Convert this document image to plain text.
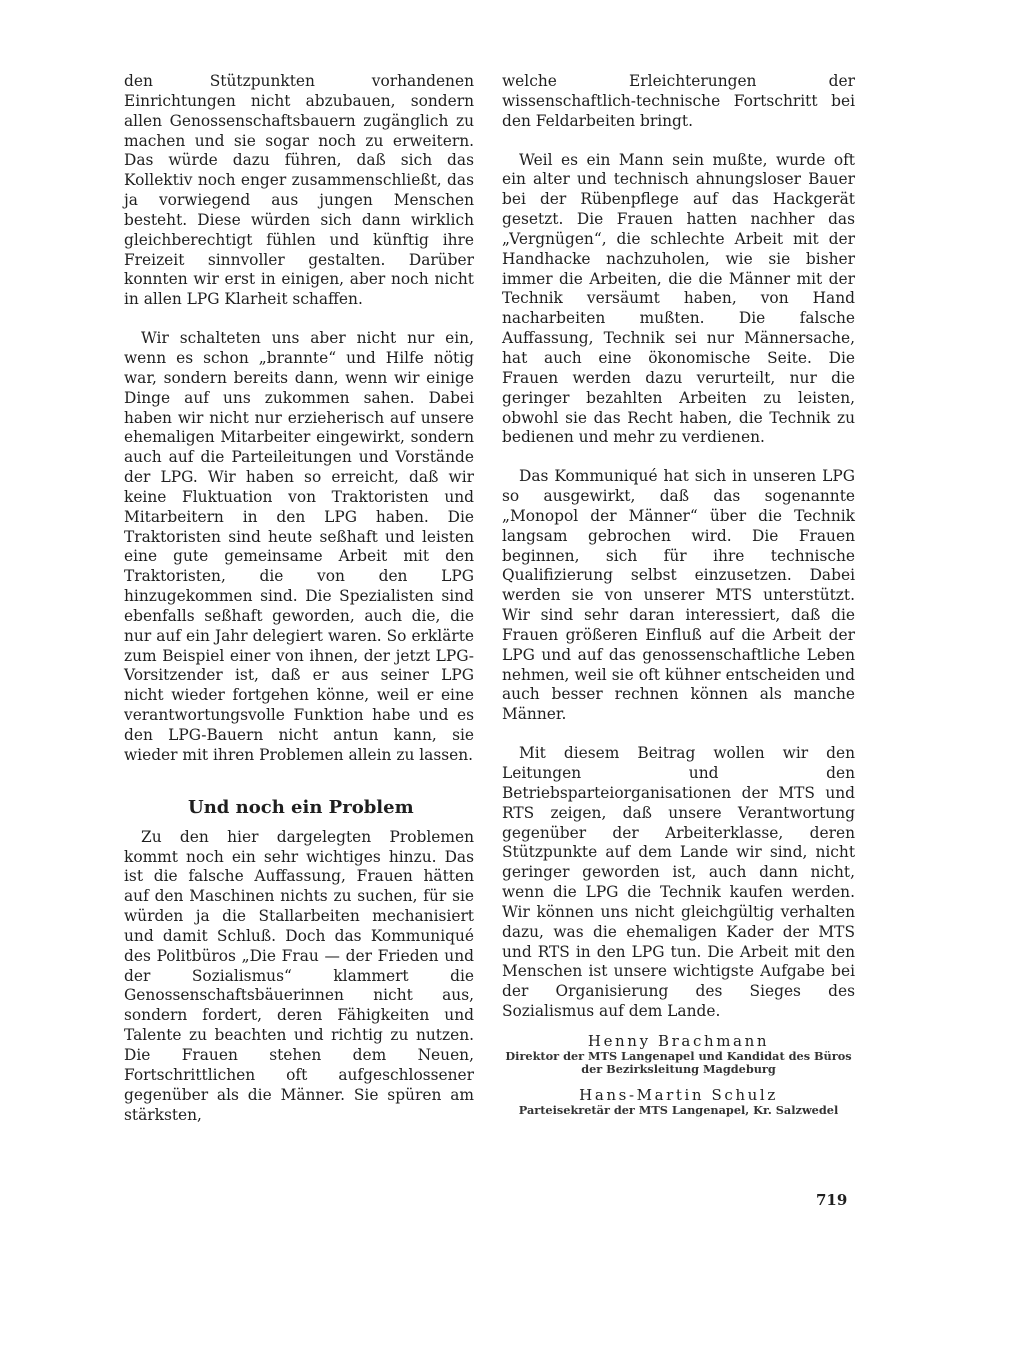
den Stützpunkten vorhandenen Einrichtungen nicht abzubauen, sondern allen Genossenschaftsbauern zugänglich zu machen und sie sogar noch zu erweitern. Das würde dazu führen, daß sich das Kollektiv noch enger zusammenschließt, das ja vorwiegend aus jungen Menschen besteht. Diese würden sich dann wirklich gleichberechtigt fühlen und künftig ihre Freizeit sinnvoller gestalten. Darüber konnten wir erst in einigen, aber noch nicht in allen LPG Klarheit schaffen.

Wir schalteten uns aber nicht nur ein, wenn es schon „brannte“ und Hilfe nötig war, sondern bereits dann, wenn wir einige Dinge auf uns zukommen sahen. Dabei haben wir nicht nur erzieherisch auf unsere ehemaligen Mitarbeiter eingewirkt, sondern auch auf die Parteileitungen und Vorstände der LPG. Wir haben so erreicht, daß wir keine Fluktuation von Traktoristen und Mitarbeitern in den LPG haben. Die Traktoristen sind heute seßhaft und leisten eine gute gemeinsame Arbeit mit den Traktoristen, die von den LPG hinzugekommen sind. Die Spezialisten sind ebenfalls seßhaft geworden, auch die, die nur auf ein Jahr delegiert waren. So erklärte zum Beispiel einer von ihnen, der jetzt LPG-Vorsitzender ist, daß er aus seiner LPG nicht wieder fortgehen könne, weil er eine verantwortungsvolle Funktion habe und es den LPG-Bauern nicht antun kann, sie wieder mit ihren Problemen allein zu lassen.

Und noch ein Problem

Zu den hier dargelegten Problemen kommt noch ein sehr wichtiges hinzu. Das ist die falsche Auffassung, Frauen hätten auf den Maschinen nichts zu suchen, für sie würden ja die Stallarbeiten mechanisiert und damit Schluß. Doch das Kommuniqué des Politbüros „Die Frau — der Frieden und der Sozialismus“ klammert die Genossenschaftsbäuerinnen nicht aus, sondern fordert, deren Fähigkeiten und Talente zu beachten und richtig zu nutzen. Die Frauen stehen dem Neuen, Fortschrittlichen oft aufgeschlossener gegenüber als die Männer. Sie spüren am stärksten,

welche Erleichterungen der wissenschaftlich-technische Fortschritt bei den Feldarbeiten bringt.

Weil es ein Mann sein mußte, wurde oft ein alter und technisch ahnungsloser Bauer bei der Rübenpflege auf das Hackgerät gesetzt. Die Frauen hatten nachher das „Vergnügen“, die schlechte Arbeit mit der Handhacke nachzuholen, wie sie bisher immer die Arbeiten, die die Männer mit der Technik versäumt haben, von Hand nacharbeiten mußten. Die falsche Auffassung, Technik sei nur Männersache, hat auch eine ökonomische Seite. Die Frauen werden dazu verurteilt, nur die geringer bezahlten Arbeiten zu leisten, obwohl sie das Recht haben, die Technik zu bedienen und mehr zu verdienen.

Das Kommuniqué hat sich in unseren LPG so ausgewirkt, daß das sogenannte „Monopol der Männer“ über die Technik langsam gebrochen wird. Die Frauen beginnen, sich für ihre technische Qualifizierung selbst einzusetzen. Dabei werden sie von unserer MTS unterstützt. Wir sind sehr daran interessiert, daß die Frauen größeren Einfluß auf die Arbeit der LPG und auf das genossenschaftliche Leben nehmen, weil sie oft kühner entscheiden und auch besser rechnen können als manche Männer.

Mit diesem Beitrag wollen wir den Leitungen und den Betriebsparteiorganisationen der MTS und RTS zeigen, daß unsere Verantwortung gegenüber der Arbeiterklasse, deren Stützpunkte auf dem Lande wir sind, nicht geringer geworden ist, auch dann nicht, wenn die LPG die Technik kaufen werden. Wir können uns nicht gleichgültig verhalten dazu, was die ehemaligen Kader der MTS und RTS in den LPG tun. Die Arbeit mit den Menschen ist unsere wichtigste Aufgabe bei der Organisierung des Sieges des Sozialismus auf dem Lande.

Henny Brachmann

Direktor der MTS Langenapel und Kandidat des Büros der Bezirksleitung Magdeburg

Hans-Martin Schulz

Parteisekretär der MTS Langenapel, Kr. Salzwedel

719
